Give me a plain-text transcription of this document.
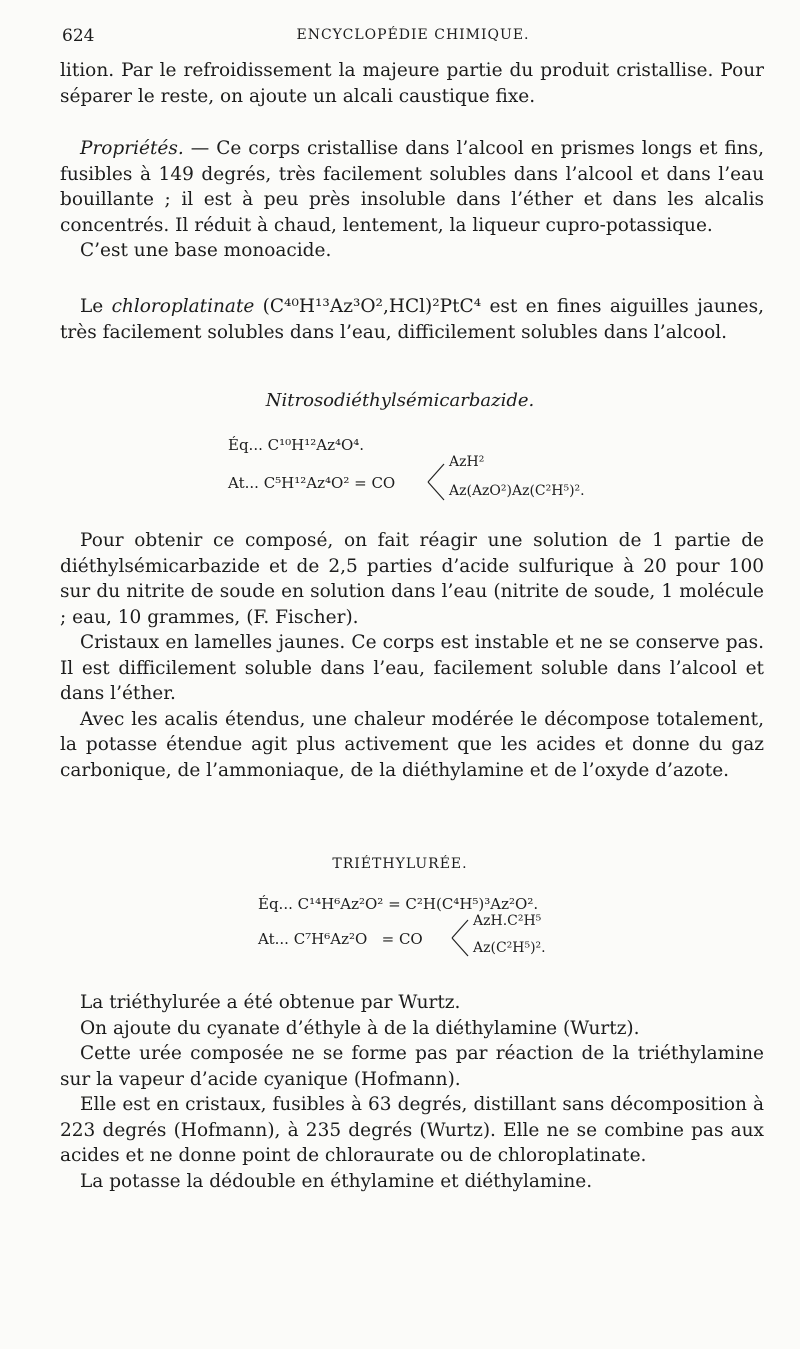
624	ENCYCLOPÉDIE CHIMIQUE.

lition. Par le refroidissement la majeure partie du produit cristallise. Pour séparer le reste, on ajoute un alcali caustique fixe.

Propriétés. — Ce corps cristallise dans l’alcool en prismes longs et fins, fusibles à 149 degrés, très facilement solubles dans l’alcool et dans l’eau bouillante ; il est à peu près insoluble dans l’éther et dans les alcalis concentrés. Il réduit à chaud, lentement, la liqueur cupro-potassique.

C’est une base monoacide.

Le chloroplatinate (C⁴⁰H¹³Az³O²,HCl)²PtC⁴ est en fines aiguilles jaunes, très facilement solubles dans l’eau, difficilement solubles dans l’alcool.

Nitrosodiéthylsémicarbazide.
Éq... C¹⁰H¹²Az⁴O⁴.
At... C⁵H¹²Az⁴O² = CO
AzH²
Az(AzO²)Az(C²H⁵)².

Pour obtenir ce composé, on fait réagir une solution de 1 partie de diéthylsémicarbazide et de 2,5 parties d’acide sulfurique à 20 pour 100 sur du nitrite de soude en solution dans l’eau (nitrite de soude, 1 molécule ; eau, 10 grammes, (F. Fischer).

Cristaux en lamelles jaunes. Ce corps est instable et ne se conserve pas. Il est difficilement soluble dans l’eau, facilement soluble dans l’alcool et dans l’éther.

Avec les acalis étendus, une chaleur modérée le décompose totalement, la potasse étendue agit plus activement que les acides et donne du gaz carbonique, de l’ammoniaque, de la diéthylamine et de l’oxyde d’azote.

TRIÉTHYLURÉE.
Éq... C¹⁴H⁶Az²O² = C²H(C⁴H⁵)³Az²O².
At... C⁷H⁶Az²O   = CO
AzH.C²H⁵
Az(C²H⁵)².

La triéthylurée a été obtenue par Wurtz.

On ajoute du cyanate d’éthyle à de la diéthylamine (Wurtz).

Cette urée composée ne se forme pas par réaction de la triéthylamine sur la vapeur d’acide cyanique (Hofmann).

Elle est en cristaux, fusibles à 63 degrés, distillant sans décomposition à 223 degrés (Hofmann), à 235 degrés (Wurtz). Elle ne se combine pas aux acides et ne donne point de chloraurate ou de chloroplatinate.

La potasse la dédouble en éthylamine et diéthylamine.
